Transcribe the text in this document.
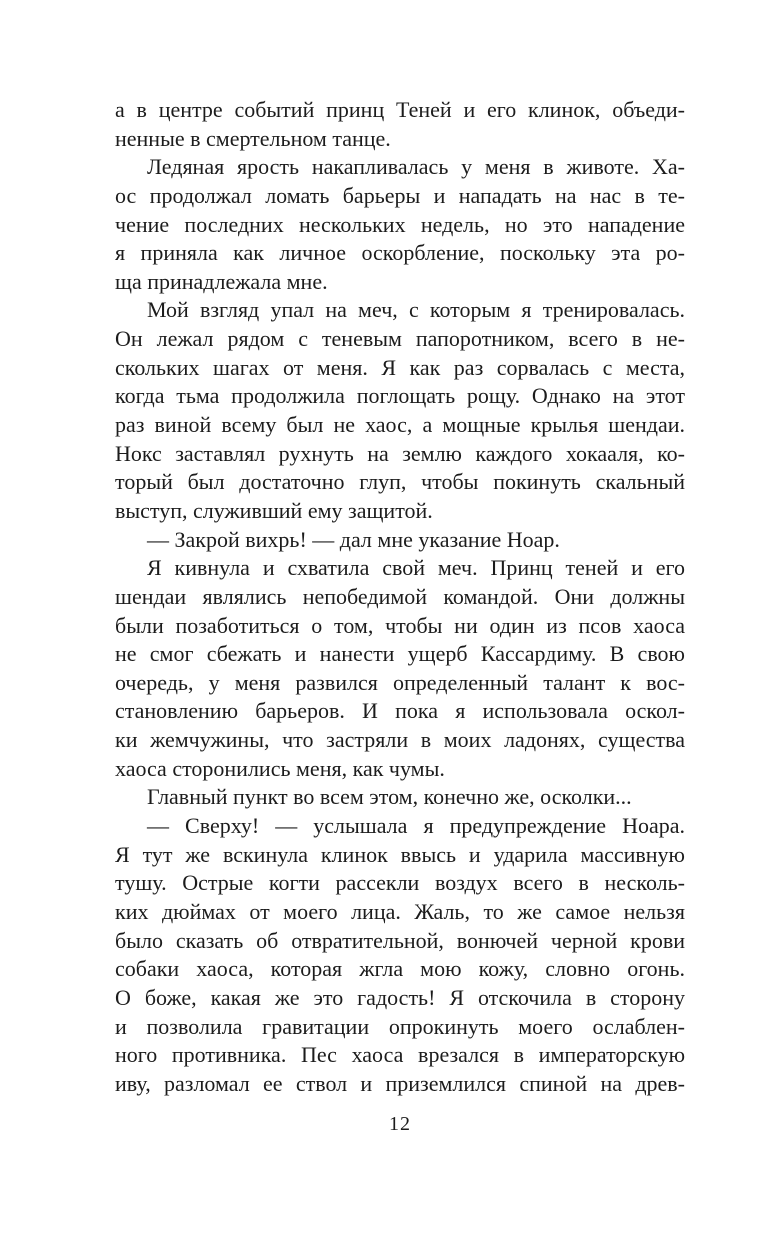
а в центре событий принц Теней и его клинок, объеди-
ненные в смертельном танце.
Ледяная ярость накапливалась у меня в животе. Ха-
ос продолжал ломать барьеры и нападать на нас в те-
чение последних нескольких недель, но это нападение
я приняла как личное оскорбление, поскольку эта ро-
ща принадлежала мне.
Мой взгляд упал на меч, с которым я тренировалась.
Он лежал рядом с теневым папоротником, всего в не-
скольких шагах от меня. Я как раз сорвалась с места,
когда тьма продолжила поглощать рощу. Однако на этот
раз виной всему был не хаос, а мощные крылья шендаи.
Нокс заставлял рухнуть на землю каждого хокааля, ко-
торый был достаточно глуп, чтобы покинуть скальный
выступ, служивший ему защитой.
— Закрой вихрь! — дал мне указание Ноар.
Я кивнула и схватила свой меч. Принц теней и его
шендаи являлись непобедимой командой. Они должны
были позаботиться о том, чтобы ни один из псов хаоса
не смог сбежать и нанести ущерб Кассардиму. В свою
очередь, у меня развился определенный талант к вос-
становлению барьеров. И пока я использовала оскол-
ки жемчужины, что застряли в моих ладонях, существа
хаоса сторонились меня, как чумы.
Главный пункт во всем этом, конечно же, осколки...
— Сверху! — услышала я предупреждение Ноара.
Я тут же вскинула клинок ввысь и ударила массивную
тушу. Острые когти рассекли воздух всего в несколь-
ких дюймах от моего лица. Жаль, то же самое нельзя
было сказать об отвратительной, вонючей черной крови
собаки хаоса, которая жгла мою кожу, словно огонь.
О боже, какая же это гадость! Я отскочила в сторону
и позволила гравитации опрокинуть моего ослаблен-
ного противника. Пес хаоса врезался в императорскую
иву, разломал ее ствол и приземлился спиной на древ-
12
